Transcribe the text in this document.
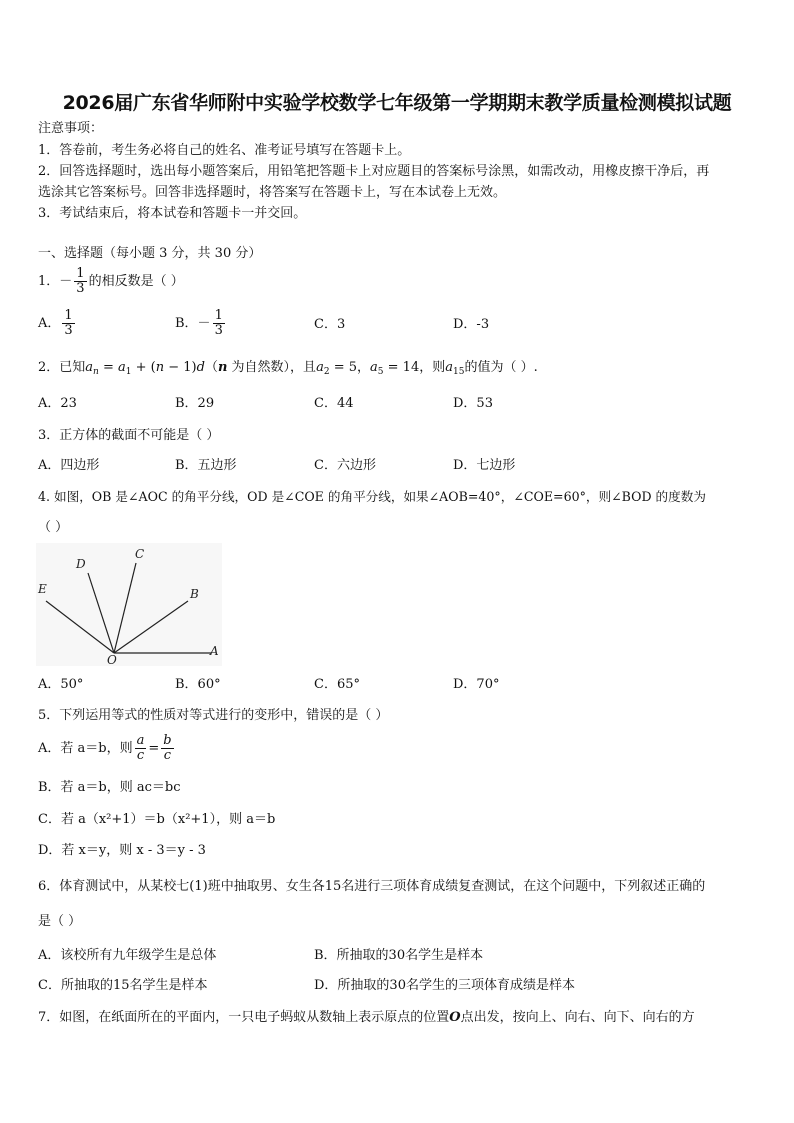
2026届广东省华师附中实验学校数学七年级第一学期期末教学质量检测模拟试题
注意事项：
1．答卷前，考生务必将自己的姓名、准考证号填写在答题卡上。
2．回答选择题时，选出每小题答案后，用铅笔把答题卡上对应题目的答案标号涂黑，如需改动，用橡皮擦干净后，再
选涂其它答案标号。回答非选择题时，将答案写在答题卡上，写在本试卷上无效。
3．考试结束后，将本试卷和答题卡一并交回。
一、选择题（每小题 3 分，共 30 分）
1．－ $\frac{1}{3}$ 的相反数是（ ）
A． $\frac{1}{3}$	B．－ $\frac{1}{3}$	C．3	D．-3
2．已知$a_n = a_1 + (n - 1)d(n$ 为自然数），且$a_2 = 5$，$a_5 = 14$，则$a_{15}$的值为（ ）.
A．23	B．29	C．44	D．53
3．正方体的截面不可能是（ ）
A．四边形	B．五边形	C．六边形	D．七边形
4. 如图，OB 是∠AOC 的角平分线，OD 是∠COE 的角平分线，如果∠AOB=40°，∠COE=60°，则∠BOD 的度数为
（ ）
E
D
C
B
O
A
A．50°	B．60°	C．65°	D．70°
5．下列运用等式的性质对等式进行的变形中，错误的是（ ）
A．若 a＝b，则 $\frac{a}{c} = \frac{b}{c}$
B．若 a＝b，则 ac＝bc
C．若 a（x²+1）＝b（x²+1），则 a＝b
D．若 x＝y，则 x - 3＝y - 3
6．体育测试中，从某校七(1)班中抽取男、女生各15名进行三项体育成绩复查测试，在这个问题中，下列叙述正确的
是（ ）
A．该校所有九年级学生是总体	B．所抽取的30名学生是样本
C．所抽取的15名学生是样本	D．所抽取的30名学生的三项体育成绩是样本
7．如图，在纸面所在的平面内，一只电子蚂蚁从数轴上表示原点的位置O点出发，按向上、向右、向下、向右的方
